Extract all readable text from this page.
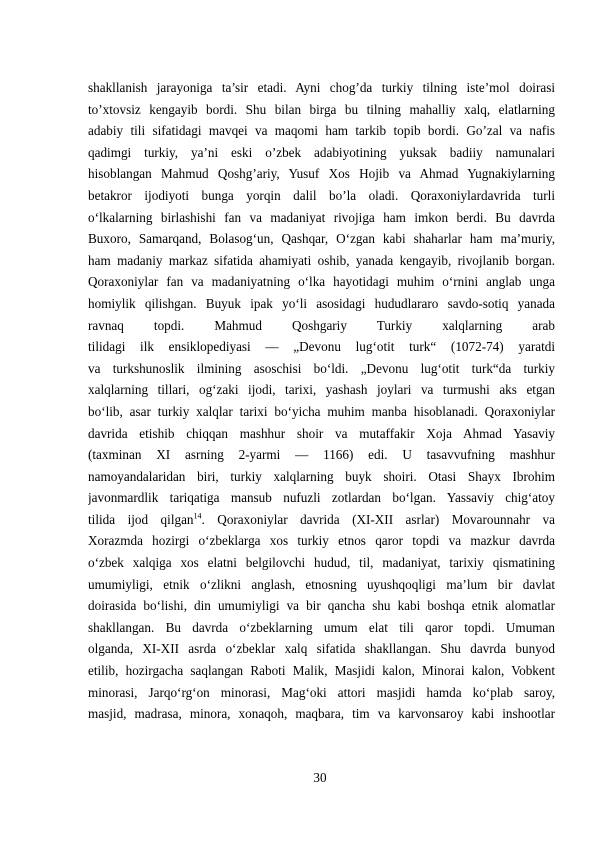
shakllanish jarayoniga ta’sir etadi. Ayni chog’da turkiy tilning iste’mol doirasi
to’xtovsiz kengayib bordi. Shu bilan birga bu tilning mahalliy xalq, elatlarning
adabiy tili sifatidagi mavqei va maqomi ham tarkib topib bordi. Go’zal va nafis
qadimgi turkiy, ya’ni eski o’zbek adabiyotining yuksak badiiy namunalari
hisoblangan Mahmud Qoshg’ariy, Yusuf Xos Hojib va Ahmad Yugnakiylarning
betakror ijodiyoti bunga yorqin dalil bo’la oladi. Qoraxoniylardavrida turli
o‘lkalarning birlashishi fan va madaniyat rivojiga ham imkon berdi. Bu davrda
Buxoro, Samarqand, Bolasog‘un, Qashqar, O‘zgan kabi shaharlar ham maʼmuriy,
ham madaniy markaz sifatida ahamiyati oshib, yanada kengayib, rivojlanib borgan.
Qoraxoniylar fan va madaniyatning o‘lka hayotidagi muhim o‘rnini anglab unga
homiylik qilishgan. Buyuk ipak yo‘li asosidagi hududlararo savdo-sotiq yanada
ravnaq topdi. Mahmud Qoshgariy Turkiy xalqlarning arab
tilidagi ilk ensiklopediyasi — „Devonu lug‘otit turk“ (1072-74) yaratdi
va turkshunoslik ilmining asoschisi bo‘ldi. „Devonu lug‘otit turk“da turkiy
xalqlarning tillari, og‘zaki ijodi, tarixi, yashash joylari va turmushi aks etgan
bo‘lib, asar turkiy xalqlar tarixi bo‘yicha muhim manba hisoblanadi. Qoraxoniylar
davrida etishib chiqqan mashhur shoir va mutaffakir Xoja Ahmad Yasaviy
(taxminan XI asrning 2-yarmi — 1166) edi. U tasavvufning mashhur
namoyandalaridan biri, turkiy xalqlarning buyk shoiri. Otasi Shayx Ibrohim
javonmardlik tariqatiga mansub nufuzli zotlardan bo‘lgan. Yassaviy chig‘atoy
tilida ijod qilgan$^{14}$. Qoraxoniylar davrida (XI-XII asrlar) Movarounnahr va
Xorazmda hozirgi o‘zbeklarga xos turkiy etnos qaror topdi va mazkur davrda
o‘zbek xalqiga xos elatni belgilovchi hudud, til, madaniyat, tarixiy qismatining
umumiyligi, etnik o‘zlikni anglash, etnosning uyushqoqligi maʼlum bir davlat
doirasida bo‘lishi, din umumiyligi va bir qancha shu kabi boshqa etnik alomatlar
shakllangan. Bu davrda o‘zbeklarning umum elat tili qaror topdi. Umuman
olganda, XI-XII asrda o‘zbeklar xalq sifatida shakllangan. Shu davrda bunyod
etilib, hozirgacha saqlangan Raboti Malik, Masjidi kalon, Minorai kalon, Vobkent
minorasi, Jarqo‘rg‘on minorasi, Mag‘oki attori masjidi hamda ko‘plab saroy,
masjid, madrasa, minora, xonaqoh, maqbara, tim va karvonsaroy kabi inshootlar
30
